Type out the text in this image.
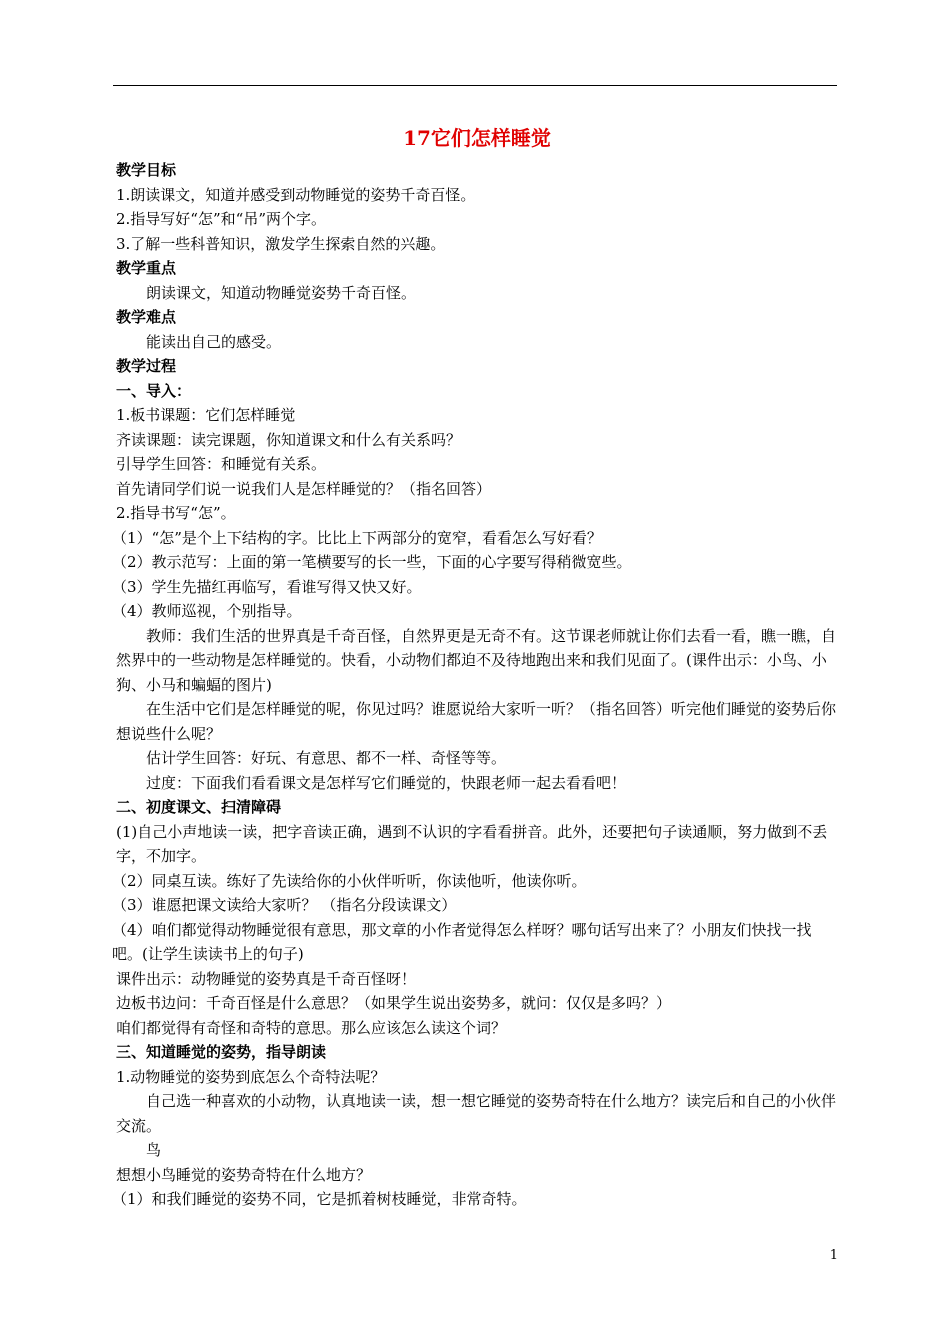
17它们怎样睡觉

教学目标

1.朗读课文，知道并感受到动物睡觉的姿势千奇百怪。

2.指导写好“怎”和“吊”两个字。

3.了解一些科普知识，激发学生探索自然的兴趣。

教学重点

朗读课文，知道动物睡觉姿势千奇百怪。

教学难点

能读出自己的感受。

教学过程

一、导入：

1.板书课题：它们怎样睡觉

齐读课题：读完课题，你知道课文和什么有关系吗？

引导学生回答：和睡觉有关系。

首先请同学们说一说我们人是怎样睡觉的？（指名回答）

2.指导书写“怎”。

（1）“怎”是个上下结构的字。比比上下两部分的宽窄，看看怎么写好看？

（2）教示范写：上面的第一笔横要写的长一些，下面的心字要写得稍微宽些。

（3）学生先描红再临写，看谁写得又快又好。

（4）教师巡视，个别指导。

教师：我们生活的世界真是千奇百怪，自然界更是无奇不有。这节课老师就让你们去看一看，瞧一瞧，自然界中的一些动物是怎样睡觉的。快看，小动物们都迫不及待地跑出来和我们见面了。(课件出示：小鸟、小狗、小马和蝙蝠的图片)

在生活中它们是怎样睡觉的呢，你见过吗？谁愿说给大家听一听？（指名回答）听完他们睡觉的姿势后你想说些什么呢？

估计学生回答：好玩、有意思、都不一样、奇怪等等。

过度：下面我们看看课文是怎样写它们睡觉的，快跟老师一起去看看吧！

二、初度课文、扫清障碍

(1)自己小声地读一读，把字音读正确，遇到不认识的字看看拼音。此外，还要把句子读通顺，努力做到不丢字，不加字。

（2）同桌互读。练好了先读给你的小伙伴听听，你读他听，他读你听。

（3）谁愿把课文读给大家听？ （指名分段读课文）

（4）咱们都觉得动物睡觉很有意思，那文章的小作者觉得怎么样呀？哪句话写出来了？小朋友们快找一找吧。(让学生读读书上的句子)

课件出示：动物睡觉的姿势真是千奇百怪呀！

边板书边问：千奇百怪是什么意思？（如果学生说出姿势多，就问：仅仅是多吗？）

咱们都觉得有奇怪和奇特的意思。那么应该怎么读这个词？

三、知道睡觉的姿势，指导朗读

1.动物睡觉的姿势到底怎么个奇特法呢？

自己选一种喜欢的小动物，认真地读一读，想一想它睡觉的姿势奇特在什么地方？读完后和自己的小伙伴交流。

鸟

想想小鸟睡觉的姿势奇特在什么地方？

（1）和我们睡觉的姿势不同，它是抓着树枝睡觉，非常奇特。

1
